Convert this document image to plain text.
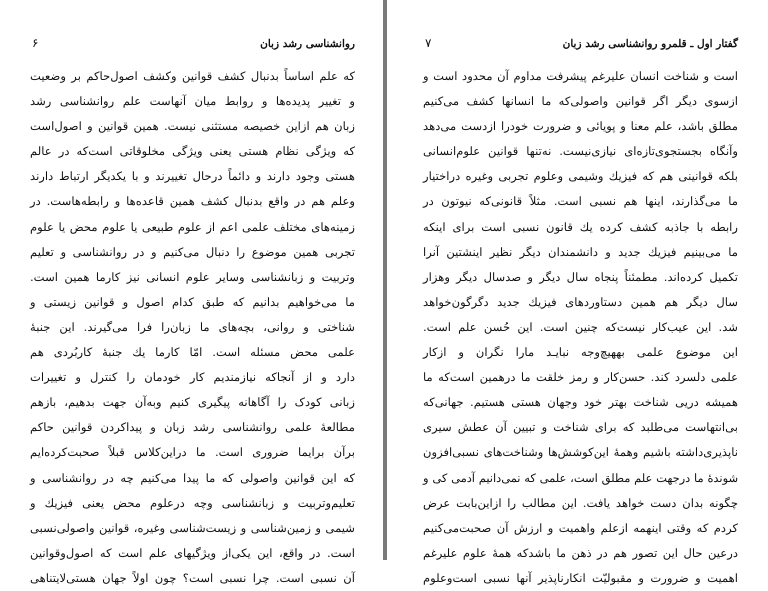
روانشناسی رشد زبان
۶
که علم اساساً بدنبال کشف قوانین وکشف اصول‌حاکم بر وضعیت
و تغییر پدیده‌ها و روابط میان آنهاست علم روانشناسی رشد
زبان هم ازاین خصیصه مستثنی نیست. همین قوانین و اصول‌است
که ویژگی نظام هستی یعنی ویژگی مخلوقاتی است‌که در عالم
هستی وجود دارند و دائماً درحال تغییرند و با یکدیگر ارتباط دارند
وعلم هم در واقع بدنبال کشف همین قاعده‌ها و رابطه‌هاست. در
زمینه‌های مختلف علمی اعم از علوم طبیعی یا علوم محض یا علوم
تجربی همین موضوع را دنبال می‌کنیم و در روانشناسی و تعلیم
وتربیت و زبانشناسی وسایر علوم انسانی نیز کارما همین است.
ما می‌خواهیم بدانیم که طبق کدام اصول و قوانین زیستی و
شناختی و روانی، بچه‌های ما زبان‌را فرا می‌گیرند. این جنبهٔ
علمی محض مسئله است. امّا کارما یك جنبهٔ کاربُردی هم
دارد و از آنجاکه نیازمندیم کار خودمان را کنترل و تغییرات
زبانی کودک را آگاهانه پیگیری کنیم وبه‌آن جهت بدهیم، بازهم
مطالعهٔ علمی روانشناسی رشد زبان و پیداکردن قوانین حاکم
بر‌آن برایما ضروری است. ما دراین‌کلاس قبلاً صحبت‌کرده‌ایم
که این قوانین واصولی که ما پیدا می‌کنیم چه در روانشناسی و
تعلیم‌وتربیت و زبانشناسی وچه در‌علوم محض یعنی فیزیك و
شیمی و زمین‌شناسی و زیست‌شناسی وغیره، قوانین واصولی‌نسبی
است. در واقع، این یکی‌از ویژگیهای علم است که اصول‌وقوانین
آن نسبی است. چرا نسبی است؟ چون اولاً جهان هستی‌لایتناهی
گفتار اول ـ قلمرو روانشناسی رشد زبان
۷
است و شناخت انسان علیرغم پیشرفت مداوم آن محدود است و
ازسوی دیگر اگر قوانین واصولی‌که ما انسانها کشف می‌کنیم
مطلق باشد، علم معنا و پویائی و ضرورت خودرا ازدست می‌دهد
وآنگاه بجستجوی‌تازه‌ای نیازی‌نیست. نه‌تنها قوانین علوم‌انسانی
بلکه قوانینی هم که فیزیك وشیمی وعلوم تجربی وغیره دراختیار
ما می‌گذارند، اینها هم نسبی است. مثلاً قانونی‌که نیوتون در
رابطه با جاذبه کشف کرده یك قانون نسبی است برای اینکه
ما می‌بینیم فیزیك جدید و دانشمندان دیگر نظیر اینشتین آنرا
تکمیل کرده‌اند. مطمئناً پنجاه سال دیگر و صدسال دیگر وهزار
سال دیگر هم همین دستاوردهای فیزیك جدید دگرگون‌خواهد
شد. این عیب‌کار نیست‌که چنین است. این حُسن علم است.
این موضوع علمی بههیچ‌وجه نبایـد مارا نگران و از‌کار
علمی دلسرد کند. حسن‌کار و رمز خلقت ما درهمین است‌که ما
همیشه دریی شناخت بهتر خود وجهان هستی هستیم. جهانی‌که
بی‌انتهاست می‌طلبد که برای شناخت و تبیین آن عطش سیری‌
ناپذیری‌داشته باشیم وهمهٔ این‌کوشش‌ها وشناخت‌های نسبی‌افزون
شوندهٔ ما درجهت علم مطلق است، علمی که نمی‌دانیم آدمی کی و
چگونه بدان دست خواهد یافت. این مطالب را از‌این‌بابت عرض
کردم که وقتی اینهمه ازعلم واهمیت و ارزش آن صحبت‌می‌کنیم
درعین حال این تصور هم در ذهن ما باشد‌که همهٔ علوم علیرغم
اهمیت و ضرورت و مقبولیّت انکارناپذیر آنها نسبی است‌وعلوم
